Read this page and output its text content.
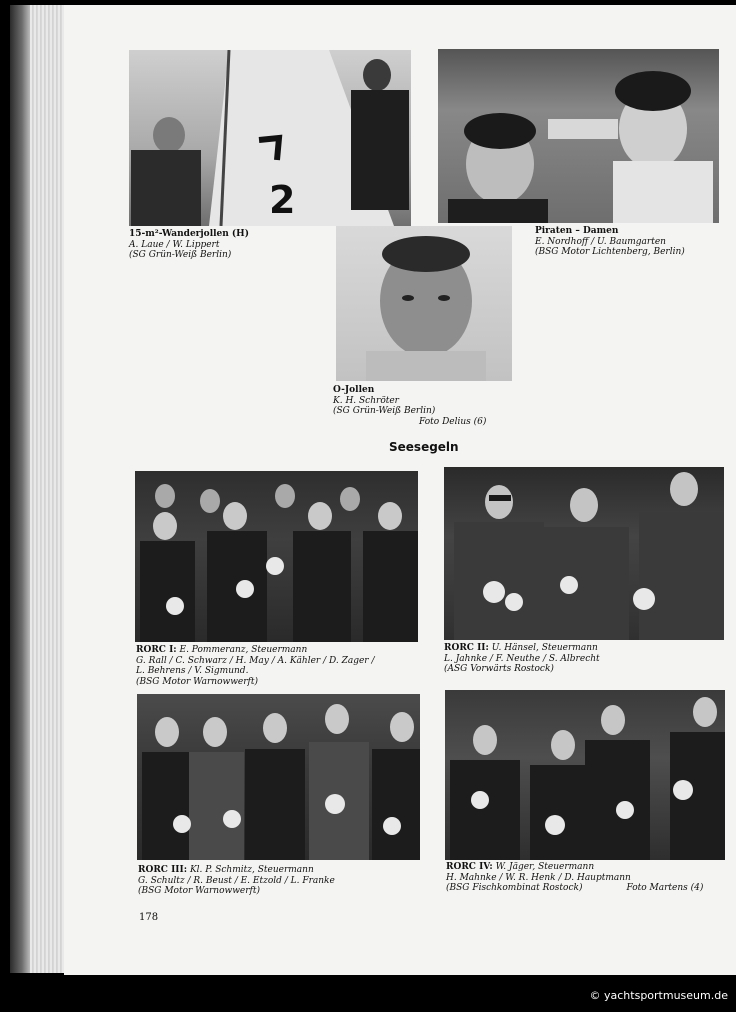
2
15-m²-Wanderjollen (H)
A. Laue / W. Lippert
(SG Grün-Weiß Berlin)
Piraten – Damen
E. Nordhoff / U. Baumgarten
(BSG Motor Lichtenberg, Berlin)
O-Jollen
K. H. Schröter
(SG Grün-Weiß Berlin)
Foto Delius (6)
Seesegeln
RORC I: E. Pommeranz, Steuermann
G. Rall / C. Schwarz / H. May / A. Kähler / D. Zager /
L. Behrens / V. Sigmund.
(BSG Motor Warnowwerft)
RORC II: U. Hänsel, Steuermann
L. Jahnke / F. Neuthe / S. Albrecht
(ASG Vorwärts Rostock)
RORC III: Kl. P. Schmitz, Steuermann
G. Schultz / R. Beust / E. Etzold / L. Franke
(BSG Motor Warnowwerft)
RORC IV: W. Jäger, Steuermann
H. Mahnke / W. R. Henk / D. Hauptmann
(BSG Fischkombinat Rostock)	Foto Martens (4)
178
© yachtsportmuseum.de
